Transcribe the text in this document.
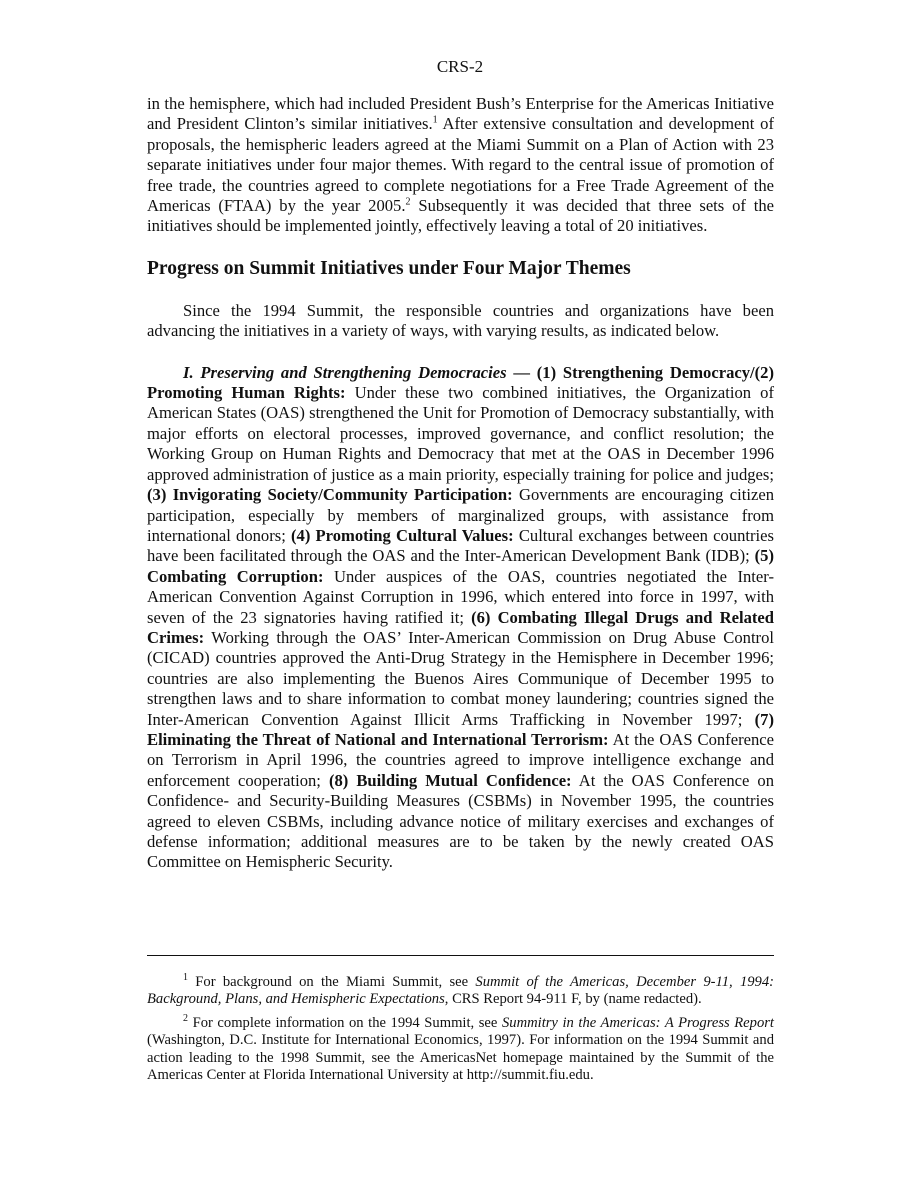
CRS-2

in the hemisphere, which had included President Bush’s Enterprise for the Americas Initiative and President Clinton’s similar initiatives.$^1$ After extensive consultation and development of proposals, the hemispheric leaders agreed at the Miami Summit on a Plan of Action with 23 separate initiatives under four major themes. With regard to the central issue of promotion of free trade, the countries agreed to complete negotiations for a Free Trade Agreement of the Americas (FTAA) by the year 2005.$^2$ Subsequently it was decided that three sets of the initiatives should be implemented jointly, effectively leaving a total of 20 initiatives.

Progress on Summit Initiatives under Four Major Themes

Since the 1994 Summit, the responsible countries and organizations have been advancing the initiatives in a variety of ways, with varying results, as indicated below.

I. Preserving and Strengthening Democracies — (1) Strengthening Democracy/(2) Promoting Human Rights: Under these two combined initiatives, the Organization of American States (OAS) strengthened the Unit for Promotion of Democracy substantially, with major efforts on electoral processes, improved governance, and conflict resolution; the Working Group on Human Rights and Democracy that met at the OAS in December 1996 approved administration of justice as a main priority, especially training for police and judges; (3) Invigorating Society/Community Participation: Governments are encouraging citizen participation, especially by members of marginalized groups, with assistance from international donors; (4) Promoting Cultural Values: Cultural exchanges between countries have been facilitated through the OAS and the Inter-American Development Bank (IDB); (5) Combating Corruption: Under auspices of the OAS, countries negotiated the Inter-American Convention Against Corruption in 1996, which entered into force in 1997, with seven of the 23 signatories having ratified it; (6) Combating Illegal Drugs and Related Crimes: Working through the OAS’ Inter-American Commission on Drug Abuse Control (CICAD) countries approved the Anti-Drug Strategy in the Hemisphere in December 1996; countries are also implementing the Buenos Aires Communique of December 1995 to strengthen laws and to share information to combat money laundering; countries signed the Inter-American Convention Against Illicit Arms Trafficking in November 1997; (7) Eliminating the Threat of National and International Terrorism: At the OAS Conference on Terrorism in April 1996, the countries agreed to improve intelligence exchange and enforcement cooperation; (8) Building Mutual Confidence: At the OAS Conference on Confidence- and Security-Building Measures (CSBMs) in November 1995, the countries agreed to eleven CSBMs, including advance notice of military exercises and exchanges of defense information; additional measures are to be taken by the newly created OAS Committee on Hemispheric Security.

$^1$ For background on the Miami Summit, see Summit of the Americas, December 9-11, 1994: Background, Plans, and Hemispheric Expectations, CRS Report 94-911 F, by (name redacted).

$^2$ For complete information on the 1994 Summit, see Summitry in the Americas: A Progress Report (Washington, D.C. Institute for International Economics, 1997). For information on the 1994 Summit and action leading to the 1998 Summit, see the AmericasNet homepage maintained by the Summit of the Americas Center at Florida International University at http://summit.fiu.edu.
